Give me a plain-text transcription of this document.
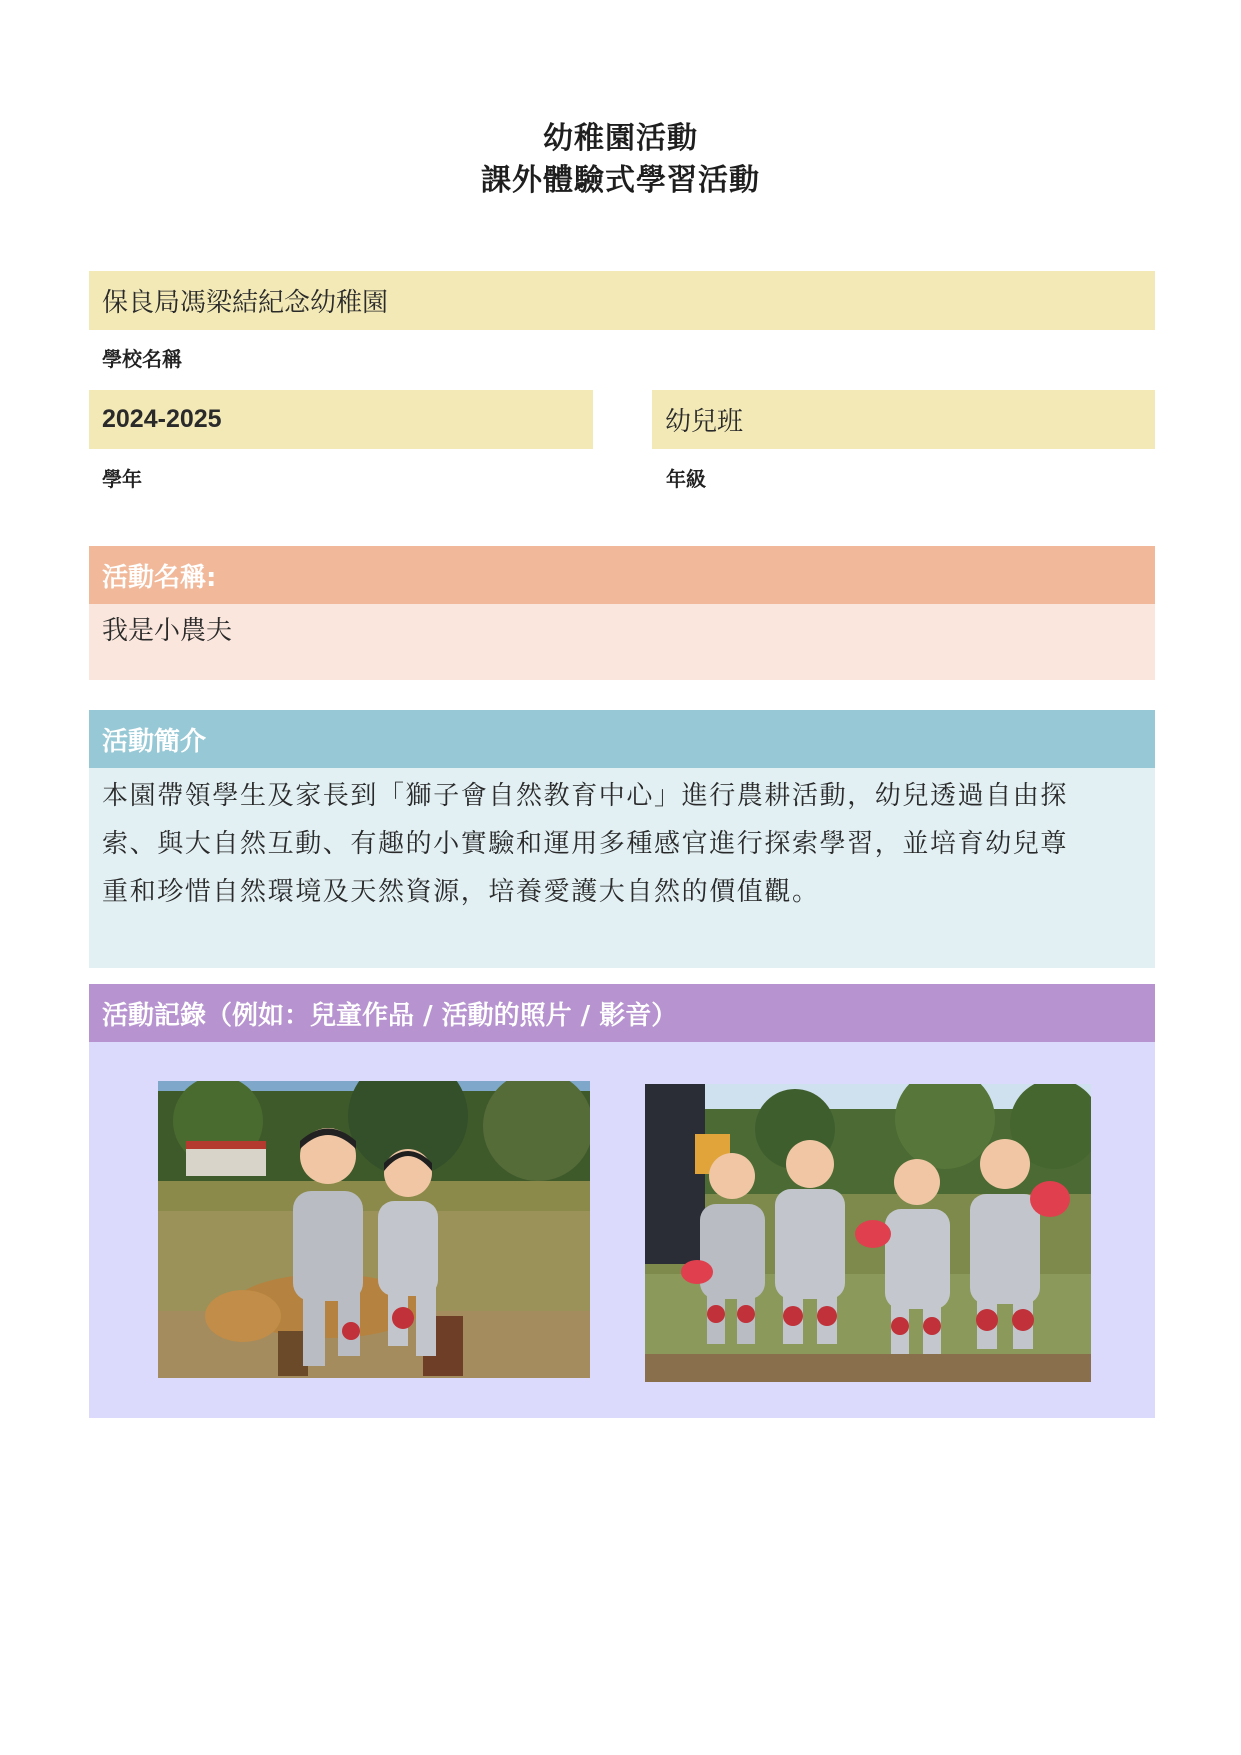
幼稚園活動
課外體驗式學習活動
保良局馮梁結紀念幼稚園
學校名稱
2024-2025
學年
幼兒班
年級
活動名稱:
我是小農夫
活動簡介
本園帶領學生及家長到「獅子會自然教育中心」進行農耕活動，幼兒透過自由探
索、與大自然互動、有趣的小實驗和運用多種感官進行探索學習，並培育幼兒尊
重和珍惜自然環境及天然資源，培養愛護大自然的價值觀。
活動記錄 （例如：兒童作品 / 活動的照片 / 影音）
